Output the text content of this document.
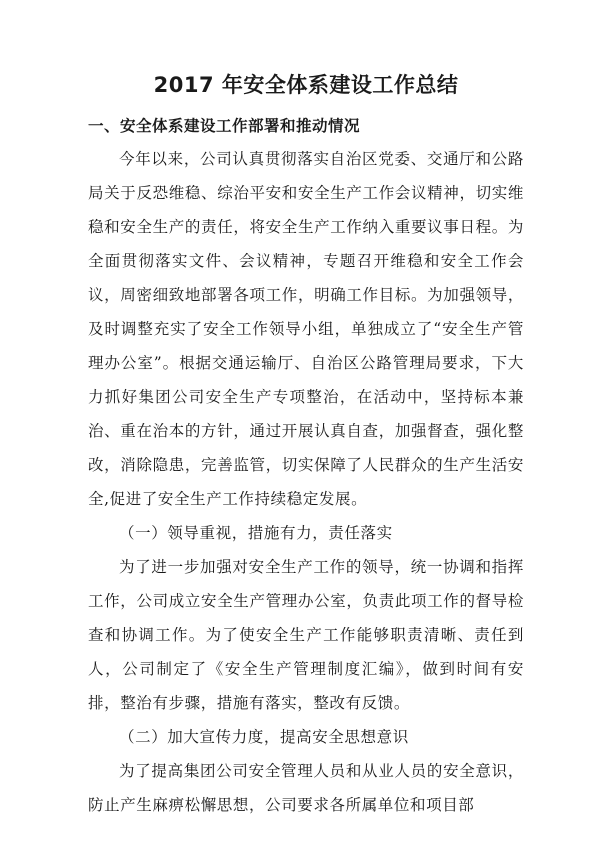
2017 年安全体系建设工作总结

一、安全体系建设工作部署和推动情况

今年以来，公司认真贯彻落实自治区党委、交通厅和公路局关于反恐维稳、综治平安和安全生产工作会议精神，切实维稳和安全生产的责任，将安全生产工作纳入重要议事日程。为全面贯彻落实文件、会议精神，专题召开维稳和安全工作会议，周密细致地部署各项工作，明确工作目标。为加强领导，及时调整充实了安全工作领导小组，单独成立了“安全生产管理办公室”。根据交通运输厅、自治区公路管理局要求，下大力抓好集团公司安全生产专项整治，在活动中，坚持标本兼治、重在治本的方针，通过开展认真自查，加强督查，强化整改，消除隐患，完善监管，切实保障了人民群众的生产生活安全,促进了安全生产工作持续稳定发展。

（一）领导重视，措施有力，责任落实

为了进一步加强对安全生产工作的领导，统一协调和指挥工作，公司成立安全生产管理办公室，负责此项工作的督导检查和协调工作。为了使安全生产工作能够职责清晰、责任到人，公司制定了《安全生产管理制度汇编》，做到时间有安排，整治有步骤，措施有落实，整改有反馈。

（二）加大宣传力度，提高安全思想意识

为了提高集团公司安全管理人员和从业人员的安全意识，防止产生麻痹松懈思想，公司要求各所属单位和项目部
